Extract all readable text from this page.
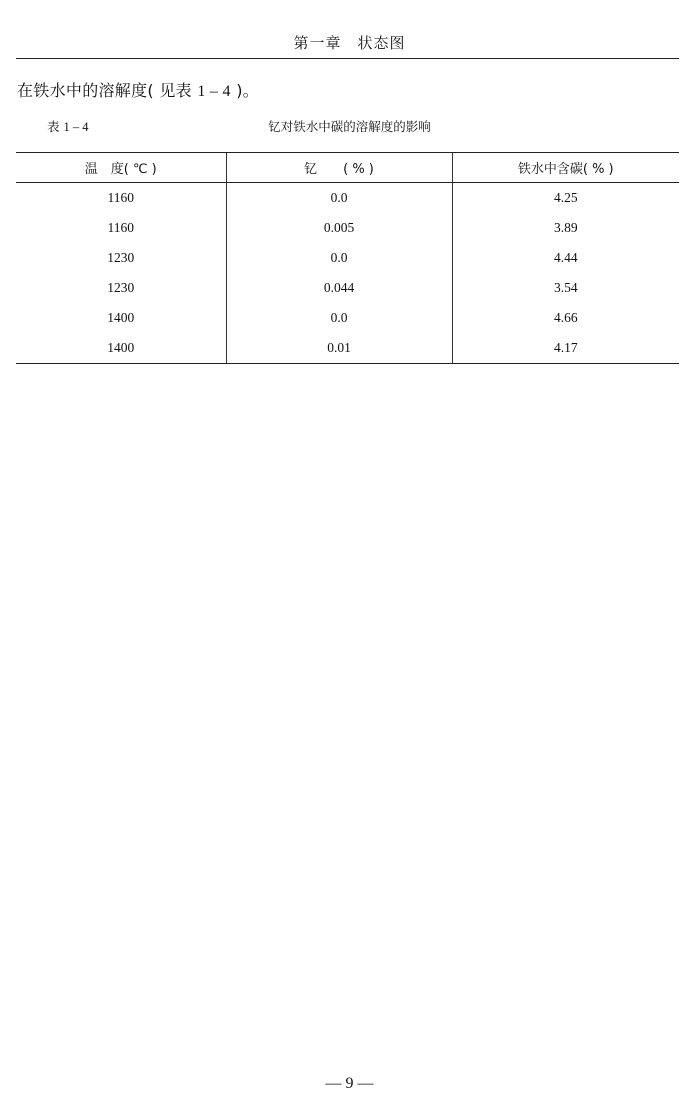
第一章　状态图
在铁水中的溶解度( 见表 1 – 4 )。
表 1 – 4	钇对铁水中碳的溶解度的影响
温　度( ℃ )	钇　　( % )	铁水中含碳( % )
1160	0.0	4.25
1160	0.005	3.89
1230	0.0	4.44
1230	0.044	3.54
1400	0.0	4.66
1400	0.01	4.17
— 9 —
